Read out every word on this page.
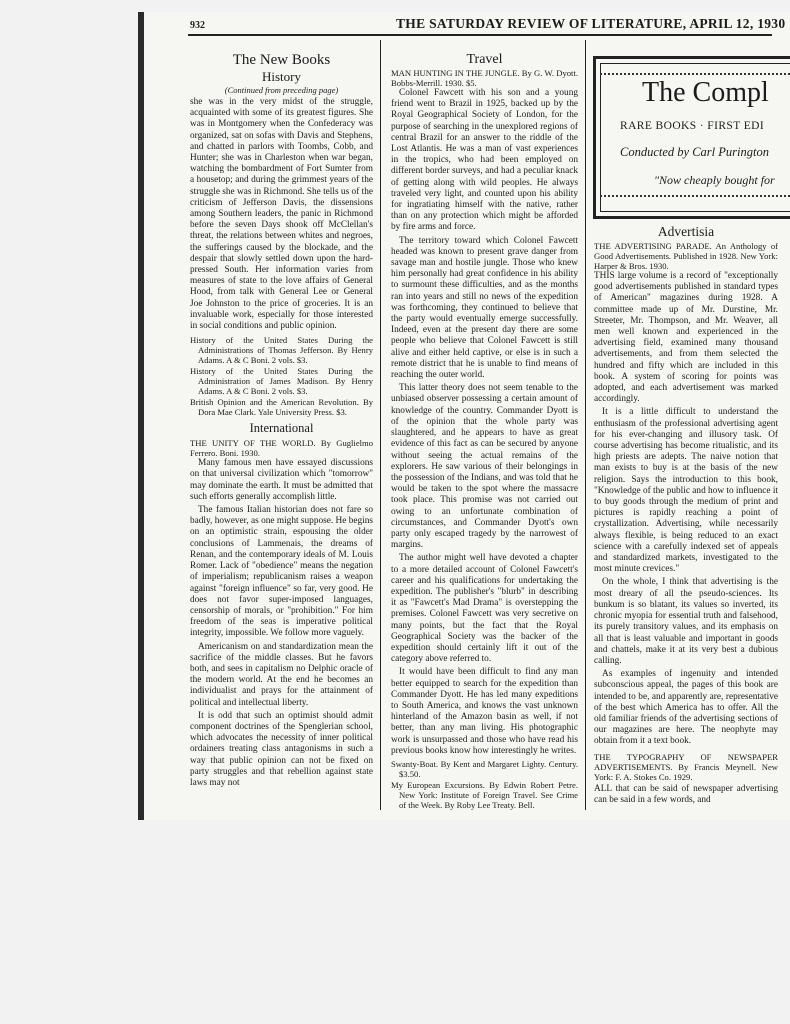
932	THE SATURDAY REVIEW OF LITERATURE, APRIL 12, 1930
The New Books
History
(Continued from preceding page)

she was in the very midst of the struggle, acquainted with some of its greatest figures. She was in Montgomery when the Confederacy was organized, sat on sofas with Davis and Stephens, and chatted in parlors with Toombs, Cobb, and Hunter; she was in Charleston when war began, watching the bombardment of Fort Sumter from a housetop; and during the grimmest years of the struggle she was in Richmond. She tells us of the criticism of Jefferson Davis, the dissensions among Southern leaders, the panic in Richmond before the seven Days shook off McClellan's threat, the relations between whites and negroes, the sufferings caused by the blockade, and the despair that slowly settled down upon the hard-pressed South. Her information varies from measures of state to the love affairs of General Hood, from talk with General Lee or General Joe Johnston to the price of groceries. It is an invaluable work, especially for those interested in social conditions and public opinion.

History of the United States During the Administrations of Thomas Jefferson. By Henry Adams. A & C Boni. 2 vols. $3.

History of the United States During the Administration of James Madison. By Henry Adams. A & C Boni. 2 vols. $3.

British Opinion and the American Revolution. By Dora Mae Clark. Yale University Press. $3.

International
THE UNITY OF THE WORLD. By Guglielmo Ferrero. Boni. 1930.

Many famous men have essayed discussions on that universal civilization which "tomorrow" may dominate the earth. It must be admitted that such efforts generally accomplish little.

The famous Italian historian does not fare so badly, however, as one might suppose. He begins on an optimistic strain, espousing the older conclusions of Lammenais, the dreams of Renan, and the contemporary ideals of M. Louis Romer. Lack of "obedience" means the negation of imperialism; republicanism raises a weapon against "foreign influence" so far, very good. He does not favor super-imposed languages, censorship of morals, or "prohibition." For him freedom of the seas is imperative political integrity, impossible. We follow more vaguely.

Americanism on and standardization mean the sacrifice of the middle classes. But he favors both, and sees in capitalism no Delphic oracle of the modern world. At the end he becomes an individualist and prays for the attainment of political and intellectual liberty.

It is odd that such an optimist should admit component doctrines of the Spenglerian school, which advocates the necessity of inner political ordainers treating class antagonisms in such a way that public opinion can not be fixed on party struggles and that rebellion against state laws may not

Travel
MAN HUNTING IN THE JUNGLE. By G. W. Dyott. Bobbs-Merrill. 1930. $5.

Colonel Fawcett with his son and a young friend went to Brazil in 1925, backed up by the Royal Geographical Society of London, for the purpose of searching in the unexplored regions of central Brazil for an answer to the riddle of the Lost Atlantis. He was a man of vast experiences in the tropics, who had been employed on different border surveys, and had a peculiar knack of getting along with wild peoples. He always traveled very light, and counted upon his ability for ingratiating himself with the native, rather than on any protection which might be afforded by fire arms and force.

The territory toward which Colonel Fawcett headed was known to present grave danger from savage man and hostile jungle. Those who knew him personally had great confidence in his ability to surmount these difficulties, and as the months ran into years and still no news of the expedition was forthcoming, they continued to believe that the party would eventually emerge successfully. Indeed, even at the present day there are some people who believe that Colonel Fawcett is still alive and either held captive, or else is in such a remote district that he is unable to find means of reaching the outer world.

This latter theory does not seem tenable to the unbiased observer possessing a certain amount of knowledge of the country. Commander Dyott is of the opinion that the whole party was slaughtered, and he appears to have as great evidence of this fact as can be secured by anyone without seeing the actual remains of the explorers. He saw various of their belongings in the possession of the Indians, and was told that he would be taken to the spot where the massacre took place. This promise was not carried out owing to an unfortunate combination of circumstances, and Commander Dyott's own party only escaped tragedy by the narrowest of margins.

The author might well have devoted a chapter to a more detailed account of Colonel Fawcett's career and his qualifications for undertaking the expedition. The publisher's "blurb" in describing it as "Fawcett's Mad Drama" is overstepping the premises. Colonel Fawcett was very secretive on many points, but the fact that the Royal Geographical Society was the backer of the expedition should certainly lift it out of the category above referred to.

It would have been difficult to find any man better equipped to search for the expedition than Commander Dyott. He has led many expeditions to South America, and knows the vast unknown hinterland of the Amazon basin as well, if not better, than any man living. His photographic work is unsurpassed and those who have read his previous books know how interestingly he writes.

Swanty-Boat. By Kent and Margaret Lighty. Century. $3.50.

My European Excursions. By Edwin Robert Petre. New York: Institute of Foreign Travel. See Crime of the Week. By Roby Lee Treaty. Bell.

The Compl
RARE BOOKS · FIRST EDI
Conducted by Carl Purington
"Now cheaply bought for
Advertisia
THE ADVERTISING PARADE. An Anthology of Good Advertisements. Published in 1928. New York: Harper & Bros. 1930.

THIS large volume is a record of "exceptionally good advertisements published in standard types of American" magazines during 1928. A committee made up of Mr. Durstine, Mr. Streeter, Mr. Thompson, and Mr. Weaver, all men well known and experienced in the advertising field, examined many thousand advertisements, and from them selected the hundred and fifty which are included in this book. A system of scoring for points was adopted, and each advertisement was marked accordingly.

It is a little difficult to understand the enthusiasm of the professional advertising agent for his ever-changing and illusory task. Of course advertising has become ritualistic, and its high priests are adepts. The naive notion that man exists to buy is at the basis of the new religion. Says the introduction to this book, "Knowledge of the public and how to influence it to buy goods through the medium of print and pictures is rapidly reaching a point of crystallization. Advertising, while necessarily always flexible, is being reduced to an exact science with a carefully indexed set of appeals and standardized markets, investigated to the most minute crevices."

On the whole, I think that advertising is the most dreary of all the pseudo-sciences. Its bunkum is so blatant, its values so inverted, its chronic myopia for essential truth and falsehood, its purely transitory values, and its emphasis on all that is least valuable and important in goods and chattels, make it at its very best a dubious calling.

As examples of ingenuity and intended subconscious appeal, the pages of this book are intended to be, and apparently are, representative of the best which America has to offer. All the old familiar friends of the advertising sections of our magazines are here. The neophyte may obtain from it a text book.

THE TYPOGRAPHY OF NEWSPAPER ADVERTISEMENTS. By Francis Meynell. New York: F. A. Stokes Co. 1929.
ALL that can be said of newspaper advertising can be said in a few words, and
